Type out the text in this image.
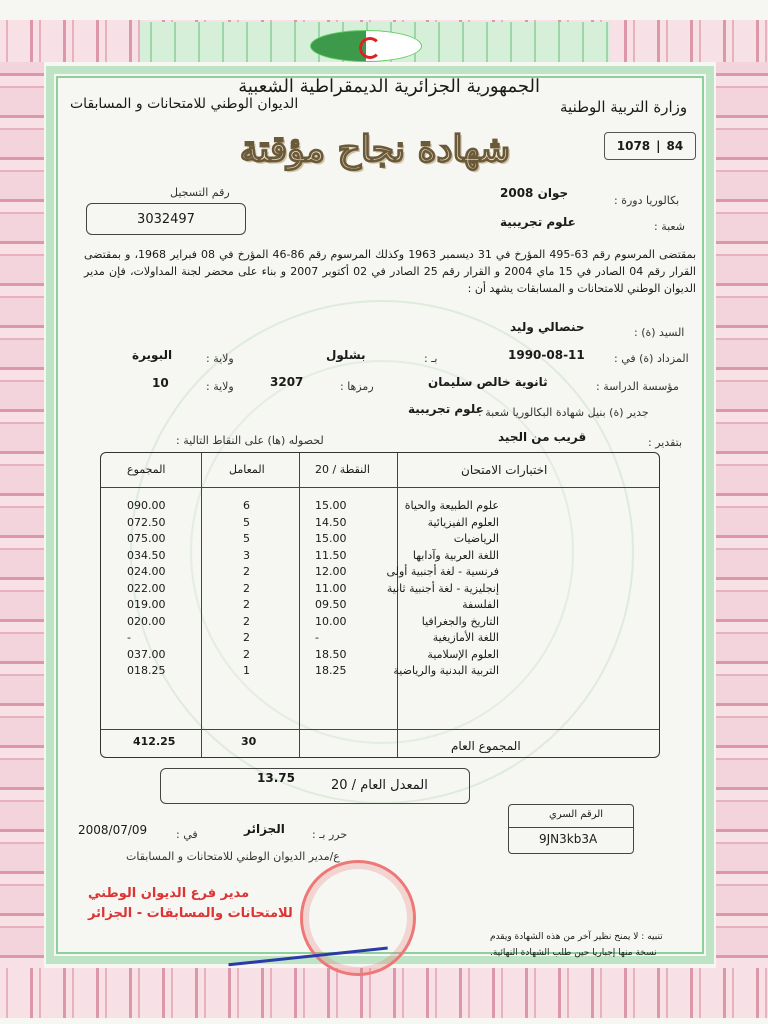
الجمهورية الجزائرية الديمقراطية الشعبية
الديوان الوطني للامتحانات و المسابقات	وزارة التربية الوطنية
شهادة نجاح مؤقتة	1078 | 84
بكالوريا دورة :
جوان 2008
شعبة :
علوم تجريبية
رقم التسجيل
3032497
بمقتضى المرسوم رقم 63-495 المؤرخ في 31 ديسمبر 1963 وكذلك المرسوم رقم 86-46 المؤرخ في 08 فبراير 1968، و بمقتضى القرار رقم 04 الصادر في 15 ماي 2004 و القرار رقم 25 الصادر في 02 أكتوبر 2007 و بناء على محضر لجنة المداولات، فإن مدير الديوان الوطني للامتحانات و المسابقات يشهد أن :
السيد (ة) :
حنصالي وليد
المزداد (ة) في :
1990-08-11
بـ :
بشلول
ولاية :
البويرة
مؤسسة الدراسة :
ثانوية خالص سليمان
رمزها :
3207
ولاية :
10
جدير (ة) بنيل شهادة البكالوريا شعبة :
علوم تجريبية
بتقدير :
قريب من الجيد
لحصوله (ها) على النقاط التالية :
اختبارات الامتحان
النقطة / 20
المعامل
المجموع
علوم الطبيعة والحياة
15.00
6
090.00
العلوم الفيزيائية
14.50
5
072.50
الرياضيات
15.00
5
075.00
اللغة العربية وآدابها
11.50
3
034.50
فرنسية - لغة أجنبية أولى
12.00
2
024.00
إنجليزية - لغة أجنبية ثانية
11.00
2
022.00
الفلسفة
09.50
2
019.00
التاريخ والجغرافيا
10.00
2
020.00
اللغة الأمازيغية
-
2
-
العلوم الإسلامية
18.50
2
037.00
التربية البدنية والرياضية
18.25
1
018.25
المجموع العام
30
412.25
المعدل العام / 20
13.75
الرقم السري
9JN3kb3A
حرر بـ :
الجزائر
في :
2008/07/09
ع/مدير الديوان الوطني للامتحانات و المسابقات
مدير فرع الديوان الوطني
للامتحانات والمسابقات - الجزائر
تنبيه : لا يمنح نظير آخر من هذه الشهادة ويقدم
نسخة منها إجباريا حين طلب الشهادة النهائية.
